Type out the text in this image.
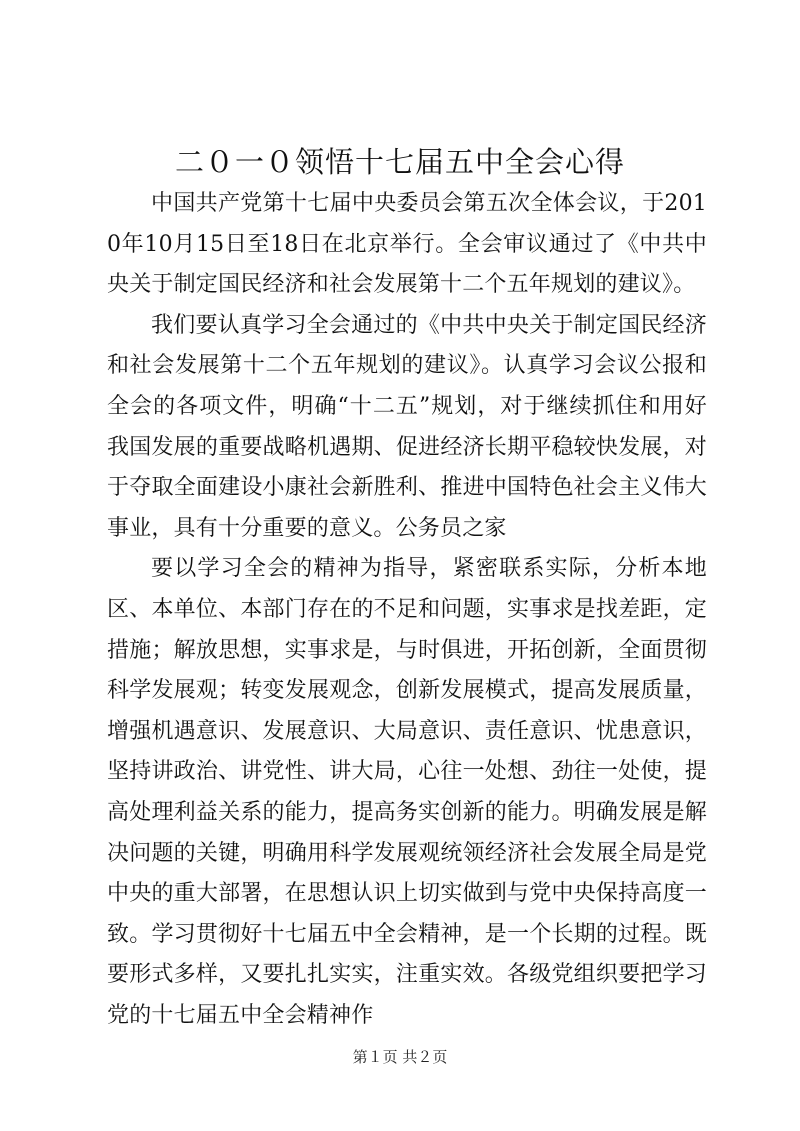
二０一０领悟十七届五中全会心得

中国共产党第十七届中央委员会第五次全体会议，于2010年10月15日至18日在北京举行。全会审议通过了《中共中央关于制定国民经济和社会发展第十二个五年规划的建议》。

我们要认真学习全会通过的《中共中央关于制定国民经济和社会发展第十二个五年规划的建议》。认真学习会议公报和全会的各项文件，明确“十二五”规划，对于继续抓住和用好我国发展的重要战略机遇期、促进经济长期平稳较快发展，对于夺取全面建设小康社会新胜利、推进中国特色社会主义伟大事业，具有十分重要的意义。公务员之家

要以学习全会的精神为指导，紧密联系实际，分析本地区、本单位、本部门存在的不足和问题，实事求是找差距，定措施；解放思想，实事求是，与时俱进，开拓创新，全面贯彻科学发展观；转变发展观念，创新发展模式，提高发展质量，增强机遇意识、发展意识、大局意识、责任意识、忧患意识，坚持讲政治、讲党性、讲大局，心往一处想、劲往一处使，提高处理利益关系的能力，提高务实创新的能力。明确发展是解决问题的关键，明确用科学发展观统领经济社会发展全局是党中央的重大部署，在思想认识上切实做到与党中央保持高度一致。学习贯彻好十七届五中全会精神，是一个长期的过程。既要形式多样，又要扎扎实实，注重实效。各级党组织要把学习党的十七届五中全会精神作

第１页 共２页
